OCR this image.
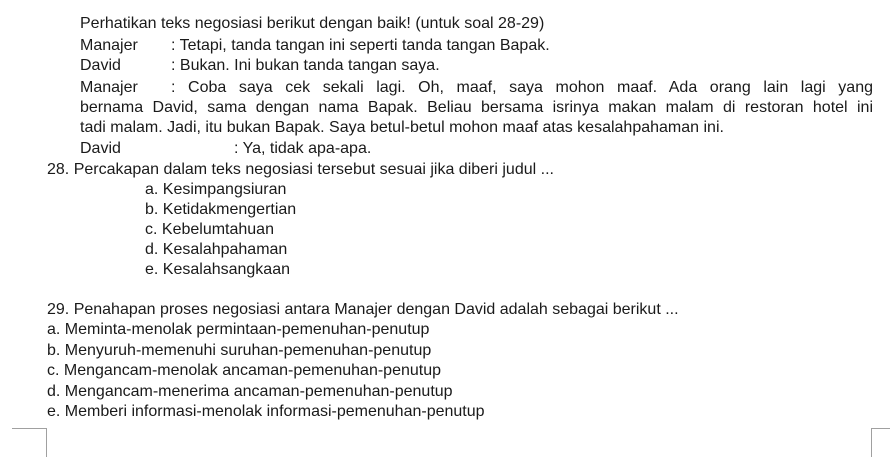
Perhatikan teks negosiasi berikut dengan baik! (untuk soal 28-29)
Manajer : Tetapi, tanda tangan ini seperti tanda tangan Bapak.
David	: Bukan. Ini bukan tanda tangan saya.
Manajer : Coba saya cek sekali lagi. Oh, maaf, saya mohon maaf. Ada orang lain lagi yang
bernama David, sama dengan nama Bapak. Beliau bersama isrinya makan malam di restoran hotel ini
tadi malam. Jadi, itu bukan Bapak. Saya betul-betul mohon maaf atas kesalahpahaman ini.
David	: Ya, tidak apa-apa.
28. Percakapan dalam teks negosiasi tersebut sesuai jika diberi judul ...
a. Kesimpangsiuran
b. Ketidakmengertian
c. Kebelumtahuan
d. Kesalahpahaman
e. Kesalahsangkaan
29. Penahapan proses negosiasi antara Manajer dengan David adalah sebagai berikut ...
a. Meminta-menolak permintaan-pemenuhan-penutup
b. Menyuruh-memenuhi suruhan-pemenuhan-penutup
c. Mengancam-menolak ancaman-pemenuhan-penutup
d. Mengancam-menerima ancaman-pemenuhan-penutup
e. Memberi informasi-menolak informasi-pemenuhan-penutup
